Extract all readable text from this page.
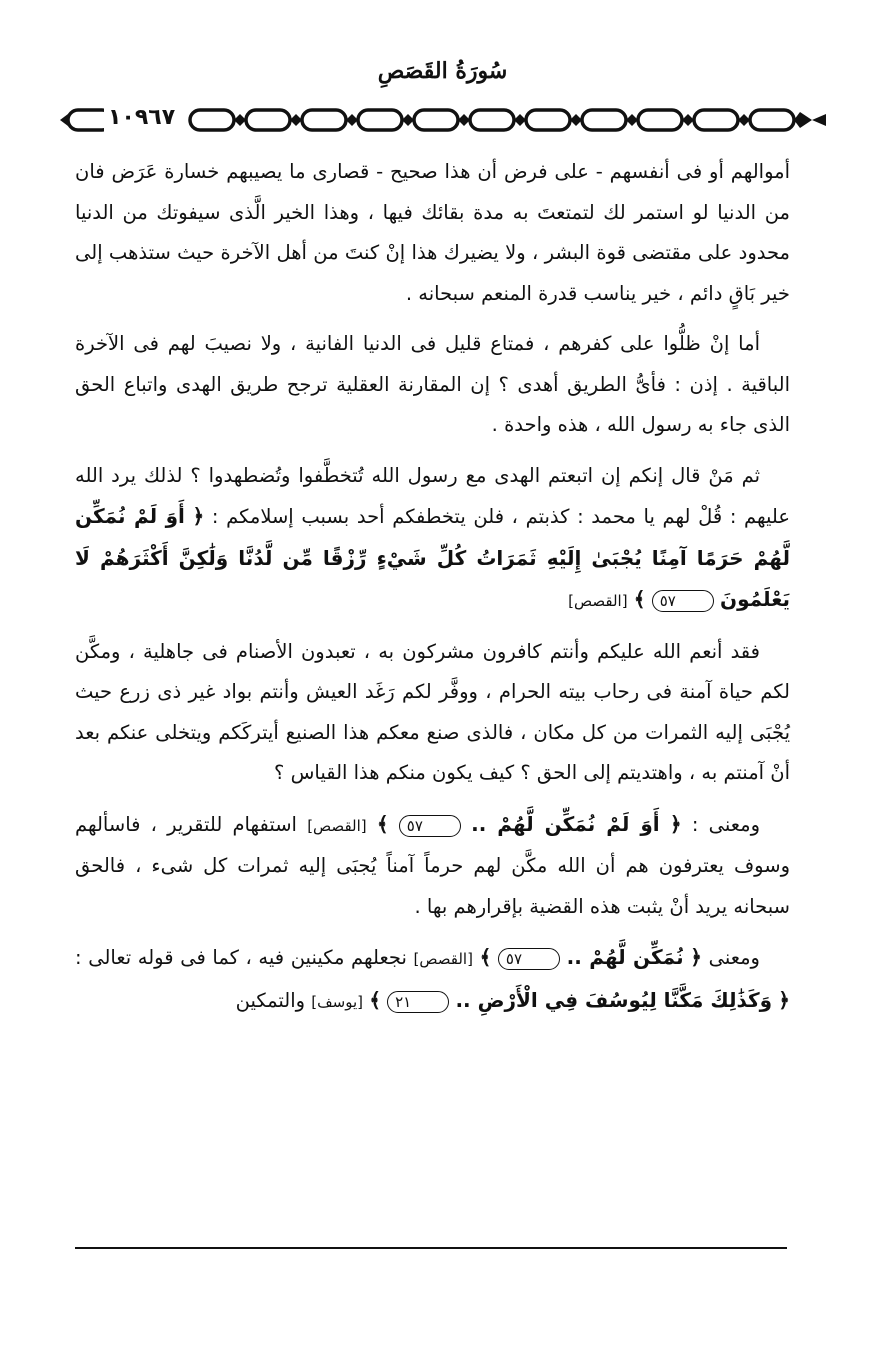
سُورَةُ القَصَصِ
١٠٩٦٧

أموالهم أو فى أنفسهم - على فرض أن هذا صحيح - قصارى ما يصيبهم خسارة عَرَض فان من الدنيا لو استمر لك لتمتعتَ به مدة بقائك فيها ، وهذا الخير الَّذى سيفوتك من الدنيا محدود على مقتضى قوة البشر ، ولا يضيرك هذا إنْ كنتَ من أهل الآخرة حيث ستذهب إلى خير بَاقٍ دائم ، خير يناسب قدرة المنعم سبحانه .

أما إنْ ظلُّوا على كفرهم ، فمتاع قليل فى الدنيا الفانية ، ولا نصيبَ لهم فى الآخرة الباقية . إذن : فأىُّ الطريق أهدى ؟ إن المقارنة العقلية ترجح طريق الهدى واتباع الحق الذى جاء به رسول الله ، هذه واحدة .

ثم مَنْ قال إنكم إن اتبعتم الهدى مع رسول الله تُتخطَّفوا وتُضطهدوا ؟ لذلك يرد الله عليهم : قُلْ لهم يا محمد : كذبتم ، فلن يتخطفكم أحد بسبب إسلامكم : ﴿ أَوَ لَمْ نُمَكِّن لَّهُمْ حَرَمًا آمِنًا يُجْبَىٰ إِلَيْهِ ثَمَرَاتُ كُلِّ شَيْءٍ رِّزْقًا مِّن لَّدُنَّا وَلَٰكِنَّ أَكْثَرَهُمْ لَا يَعْلَمُونَ ٥٧ ﴾ [القصص]

فقد أنعم الله عليكم وأنتم كافرون مشركون به ، تعبدون الأصنام فى جاهلية ، ومكَّن لكم حياة آمنة فى رحاب بيته الحرام ، ووفَّر لكم رَغَد العيش وأنتم بواد غير ذى زرع حيث يُجْبَى إليه الثمرات من كل مكان ، فالذى صنع معكم هذا الصنيع أيتركَكم ويتخلى عنكم بعد أنْ آمنتم به ، واهتديتم إلى الحق ؟ كيف يكون منكم هذا القياس ؟

ومعنى : ﴿ أَوَ لَمْ نُمَكِّن لَّهُمْ .. ٥٧ ﴾ [القصص] استفهام للتقرير ، فاسألهم وسوف يعترفون هم أن الله مكَّن لهم حرماً آمناً يُجبَى إليه ثمرات كل شىء ، فالحق سبحانه يريد أنْ يثبت هذه القضية بإقرارهم بها .

ومعنى ﴿ نُمَكِّن لَّهُمْ .. ٥٧ ﴾ [القصص] نجعلهم مكينين فيه ، كما فى قوله تعالى : ﴿ وَكَذَٰلِكَ مَكَّنَّا لِيُوسُفَ فِي الْأَرْضِ .. ٢١ ﴾ [يوسف] والتمكين
